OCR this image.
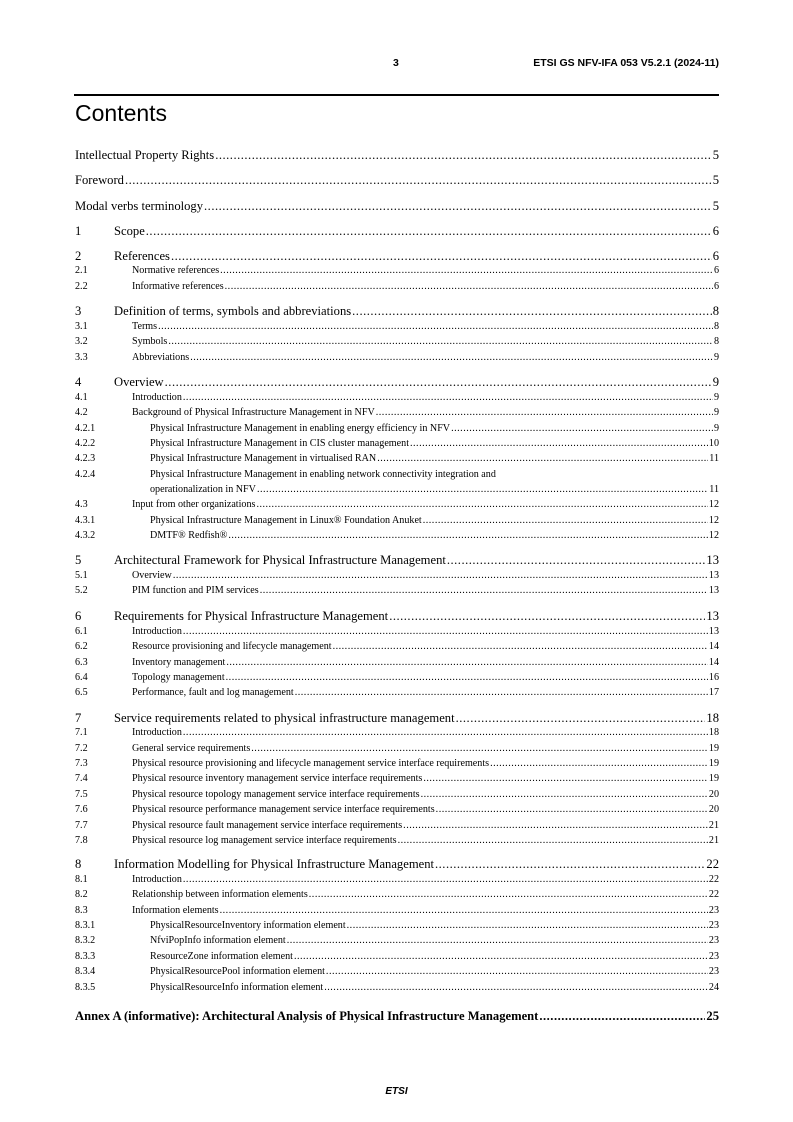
3	ETSI GS NFV-IFA 053 V5.2.1 (2024-11)
Contents
Intellectual Property Rights .....	5
Foreword .....	5
Modal verbs terminology .....	5
1	Scope .....	6
2	References .....	6
2.1	Normative references .....	6
2.2	Informative references .....	6
3	Definition of terms, symbols and abbreviations .....	8
3.1	Terms .....	8
3.2	Symbols .....	8
3.3	Abbreviations .....	9
4	Overview .....	9
4.1	Introduction .....	9
4.2	Background of Physical Infrastructure Management in NFV .....	9
4.2.1	Physical Infrastructure Management in enabling energy efficiency in NFV .....	9
4.2.2	Physical Infrastructure Management in CIS cluster management .....	10
4.2.3	Physical Infrastructure Management in virtualised RAN .....	11
4.2.4	Physical Infrastructure Management in enabling network connectivity integration and
operationalization in NFV .....	11
4.3	Input from other organizations .....	12
4.3.1	Physical Infrastructure Management in Linux® Foundation Anuket .....	12
4.3.2	DMTF® Redfish® .....	12
5	Architectural Framework for Physical Infrastructure Management .....	13
5.1	Overview .....	13
5.2	PIM function and PIM services .....	13
6	Requirements for Physical Infrastructure Management .....	13
6.1	Introduction .....	13
6.2	Resource provisioning and lifecycle management .....	14
6.3	Inventory management .....	14
6.4	Topology management .....	16
6.5	Performance, fault and log management .....	17
7	Service requirements related to physical infrastructure management .....	18
7.1	Introduction .....	18
7.2	General service requirements .....	19
7.3	Physical resource provisioning and lifecycle management service interface requirements .....	19
7.4	Physical resource inventory management service interface requirements .....	19
7.5	Physical resource topology management service interface requirements .....	20
7.6	Physical resource performance management service interface requirements .....	20
7.7	Physical resource fault management service interface requirements .....	21
7.8	Physical resource log management service interface requirements .....	21
8	Information Modelling for Physical Infrastructure Management .....	22
8.1	Introduction .....	22
8.2	Relationship between information elements .....	22
8.3	Information elements .....	23
8.3.1	PhysicalResourceInventory information element .....	23
8.3.2	NfviPopInfo information element .....	23
8.3.3	ResourceZone information element .....	23
8.3.4	PhysicalResourcePool information element .....	23
8.3.5	PhysicalResourceInfo information element .....	24
Annex A (informative): Architectural Analysis of Physical Infrastructure Management .....	25
ETSI
